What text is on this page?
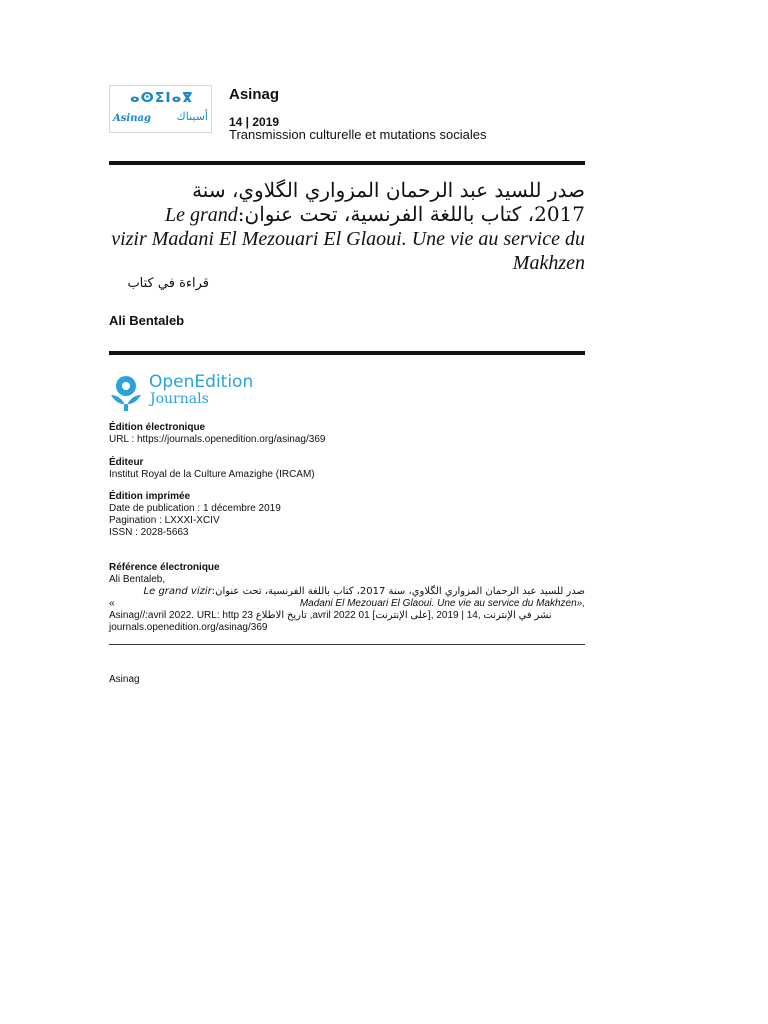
ⴰⵙⵉⵏⴰⴳ
Asinag أسيناك
Asinag
14 | 2019
Transmission culturelle et mutations sociales
صدر للسيد عبد الرحمان المزواري الگلاوي، سنة
2017، كتاب باللغة الفرنسية، تحت عنوان:Le grand
vizir Madani El Mezouari El Glaoui. Une vie au service du
Makhzen
قراءة في كتاب
Ali Bentaleb
OpenEdition
Journals
Édition électronique
URL : https://journals.openedition.org/asinag/369
Éditeur
Institut Royal de la Culture Amazighe (IRCAM)
Édition imprimée
Date de publication : 1 décembre 2019
Pagination : LXXXI-XCIV
ISSN : 2028-5663
Référence électronique
Ali Bentaleb,
صدر للسيد عبد الرحمان المزواري الگلاوي، سنة 2017، كتاب باللغة الفرنسية، تحت عنوان:Le grand vizir
«	Madani El Mezouari El Glaoui. Une vie au service du Makhzen»,
Asinag//:avril 2022. URL: http 23 تاريخ الاطلاع ,avril 2022 01 نشر في الإنترنت ,14 | 2019 ,[على الإنترنت]
journals.openedition.org/asinag/369
Asinag
